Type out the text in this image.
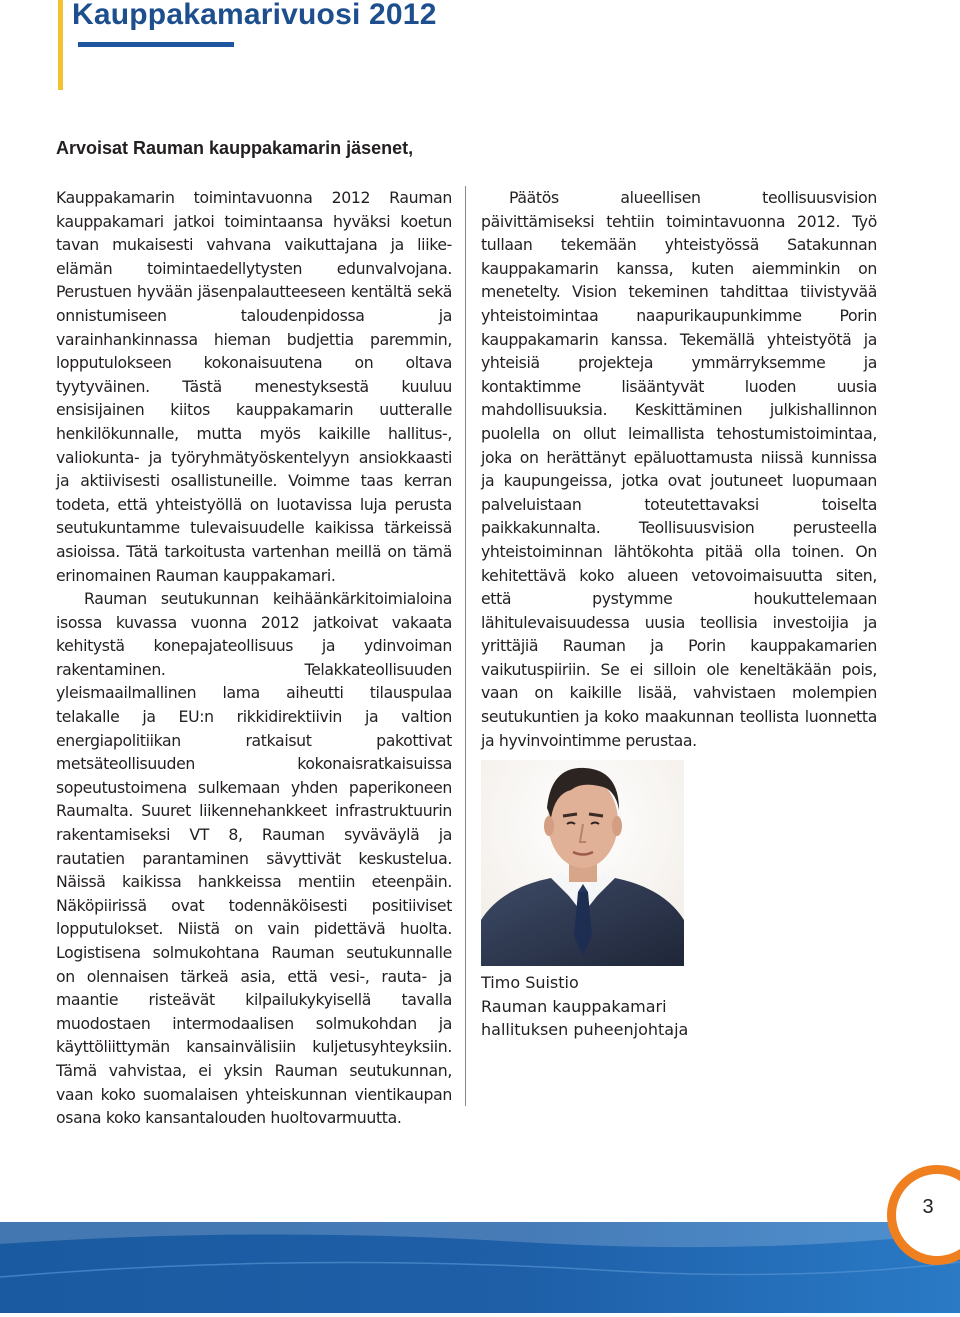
Kauppakamarivuosi 2012
Arvoisat Rauman kauppakamarin jäsenet,

Kauppakamarin toimintavuonna 2012 Rauman kauppakamari jatkoi toimintaansa hyväksi koetun tavan mukaisesti vahvana vaikuttajana ja liike-elämän toimintaedellytysten edunvalvojana. Perustuen hyvään jäsenpalautteeseen kentältä sekä onnistumiseen taloudenpidossa ja varainhankinnassa hieman budjettia paremmin, lopputulokseen kokonaisuutena on oltava tyytyväinen. Tästä menestyksestä kuuluu ensisijainen kiitos kauppakamarin uutteralle henkilökunnalle, mutta myös kaikille hallitus-, valiokunta- ja työryhmätyöskentelyyn ansiokkaasti ja aktiivisesti osallistuneille. Voimme taas kerran todeta, että yhteistyöllä on luotavissa luja perusta seutukuntamme tulevaisuudelle kaikissa tärkeissä asioissa. Tätä tarkoitusta vartenhan meillä on tämä erinomainen Rauman kauppakamari.

Rauman seutukunnan keihäänkärkitoimialoina isossa kuvassa vuonna 2012 jatkoivat vakaata kehitystä konepajateollisuus ja ydinvoiman rakentaminen. Telakkateollisuuden yleismaailmallinen lama aiheutti tilauspulaa telakalle ja EU:n rikkidirektiivin ja valtion energiapolitiikan ratkaisut pakottivat metsäteollisuuden kokonaisratkaisuissa sopeutustoimena sulkemaan yhden paperikoneen Raumalta. Suuret liikennehankkeet infrastruktuurin rakentamiseksi VT 8, Rauman syväväylä ja rautatien parantaminen sävyttivät keskustelua. Näissä kaikissa hankkeissa mentiin eteenpäin. Näköpiirissä ovat todennäköisesti positiiviset lopputulokset. Niistä on vain pidettävä huolta. Logistisena solmukohtana Rauman seutukunnalle on olennaisen tärkeä asia, että vesi-, rauta- ja maantie risteävät kilpailukykyisellä tavalla muodostaen intermodaalisen solmukohdan ja käyttöliittymän kansainvälisiin kuljetusyhteyksiin. Tämä vahvistaa, ei yksin Rauman seutukunnan, vaan koko suomalaisen yhteiskunnan vientikaupan osana koko kansantalouden huoltovarmuutta.

Päätös alueellisen teollisuusvision päivittämiseksi tehtiin toimintavuonna 2012. Työ tullaan tekemään yhteistyössä Satakunnan kauppakamarin kanssa, kuten aiemminkin on menetelty. Vision tekeminen tahdittaa tiivistyvää yhteistoimintaa naapurikaupunkimme Porin kauppakamarin kanssa. Tekemällä yhteistyötä ja yhteisiä projekteja ymmärryksemme ja kontaktimme lisääntyvät luoden uusia mahdollisuuksia. Keskittäminen julkishallinnon puolella on ollut leimallista tehostumistoimintaa, joka on herättänyt epäluottamusta niissä kunnissa ja kaupungeissa, jotka ovat joutuneet luopumaan palveluistaan toteutettavaksi toiselta paikkakunnalta. Teollisuusvision perusteella yhteistoiminnan lähtökohta pitää olla toinen. On kehitettävä koko alueen vetovoimaisuutta siten, että pystymme houkuttelemaan lähitulevaisuudessa uusia teollisia investoijia ja yrittäjiä Rauman ja Porin kauppakamarien vaikutuspiiriin. Se ei silloin ole keneltäkään pois, vaan on kaikille lisää, vahvistaen molempien seutukuntien ja koko maakunnan teollista luonnetta ja hyvinvointimme perustaa.

Timo Suistio
Rauman kauppakamari
hallituksen puheenjohtaja
3
